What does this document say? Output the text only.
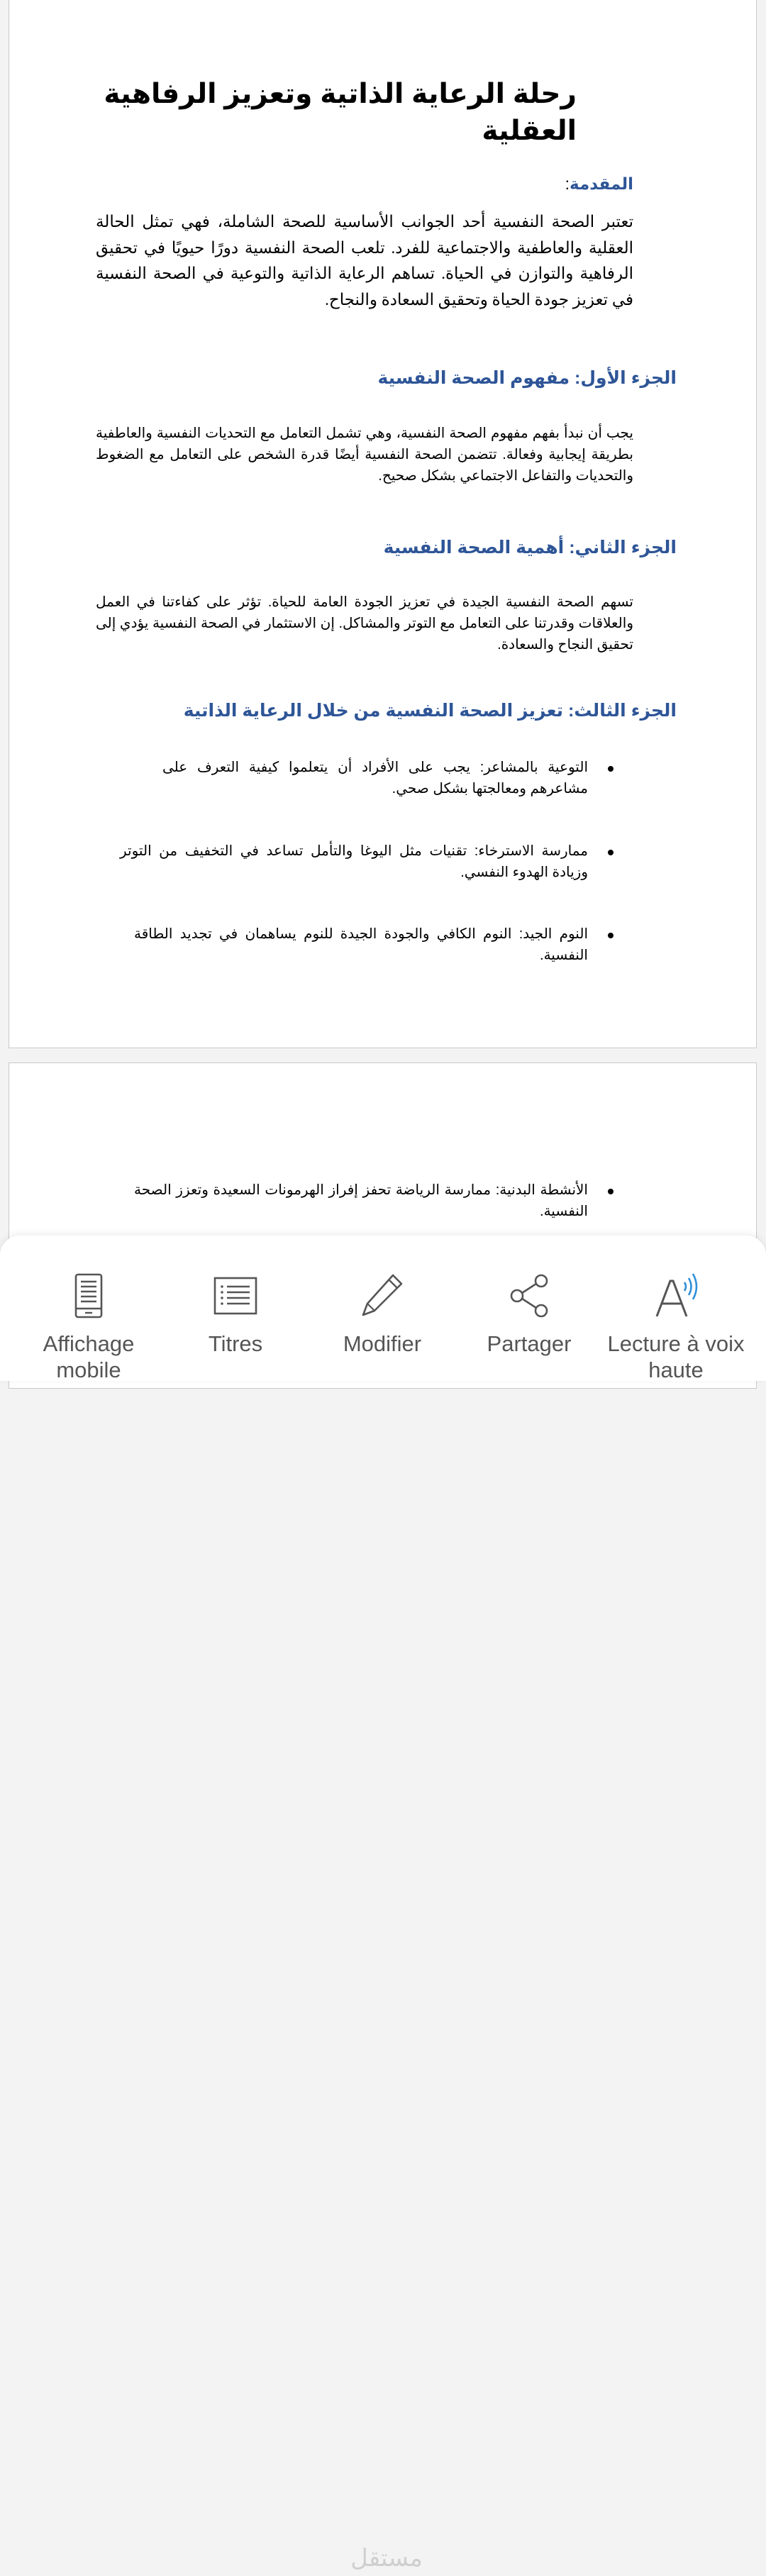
رحلة الرعاية الذاتية وتعزيز الرفاهية العقلية
المقدمة:

تعتبر الصحة النفسية أحد الجوانب الأساسية للصحة الشاملة، فهي تمثل الحالة العقلية والعاطفية والاجتماعية للفرد. تلعب الصحة النفسية دورًا حيويًا في تحقيق الرفاهية والتوازن في الحياة. تساهم الرعاية الذاتية والتوعية في الصحة النفسية في تعزيز جودة الحياة وتحقيق السعادة والنجاح.

الجزء الأول: مفهوم الصحة النفسية

يجب أن نبدأ بفهم مفهوم الصحة النفسية، وهي تشمل التعامل مع التحديات النفسية والعاطفية بطريقة إيجابية وفعالة. تتضمن الصحة النفسية أيضًا قدرة الشخص على التعامل مع الضغوط والتحديات والتفاعل الاجتماعي بشكل صحيح.

الجزء الثاني: أهمية الصحة النفسية

تسهم الصحة النفسية الجيدة في تعزيز الجودة العامة للحياة. تؤثر على كفاءتنا في العمل والعلاقات وقدرتنا على التعامل مع التوتر والمشاكل. إن الاستثمار في الصحة النفسية يؤدي إلى تحقيق النجاح والسعادة.

الجزء الثالث: تعزيز الصحة النفسية من خلال الرعاية الذاتية
التوعية بالمشاعر: يجب على الأفراد أن يتعلموا كيفية التعرف على مشاعرهم ومعالجتها بشكل صحي.
ممارسة الاسترخاء: تقنيات مثل اليوغا والتأمل تساعد في التخفيف من التوتر وزيادة الهدوء النفسي.
النوم الجيد: النوم الكافي والجودة الجيدة للنوم يساهمان في تجديد الطاقة النفسية.
الأنشطة البدنية: ممارسة الرياضة تحفز إفراز الهرمونات السعيدة وتعزز الصحة النفسية.
Affichage mobile
Titres	Modifier	Partager	Lecture à voix haute
مستقل
